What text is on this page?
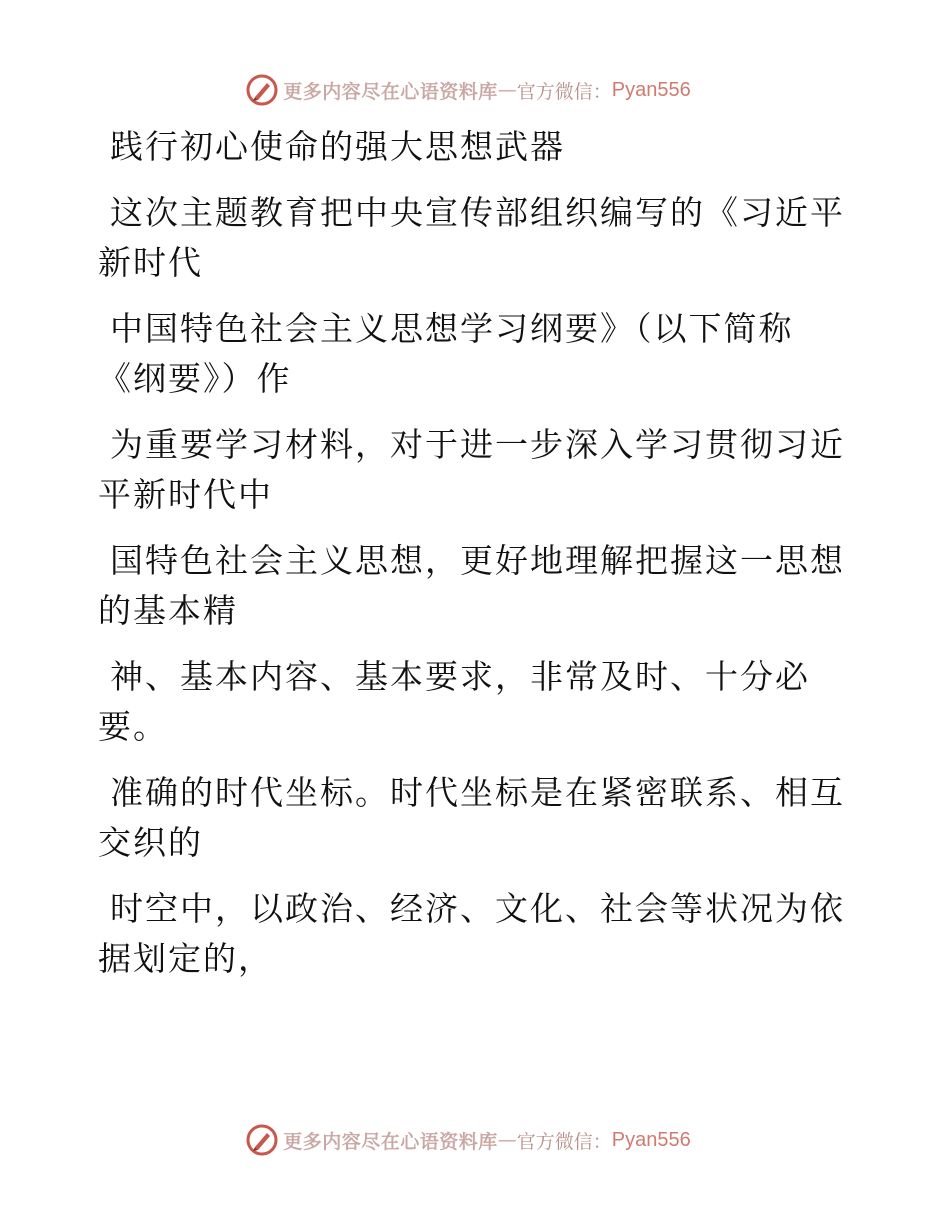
更多内容尽在心语资料库 — 官方微信： Pyan556
践行初心使命的强大思想武器
这次主题教育把中央宣传部组织编写的《习近平
新时代
中国特色社会主义思想学习纲要》（以下简称
《纲要》）作
为重要学习材料，对于进一步深入学习贯彻习近
平新时代中
国特色社会主义思想，更好地理解把握这一思想
的基本精
神、基本内容、基本要求，非常及时、十分必
要。
准确的时代坐标。时代坐标是在紧密联系、相互
交织的
时空中，以政治、经济、文化、社会等状况为依
据划定的，
更多内容尽在心语资料库 — 官方微信： Pyan556
